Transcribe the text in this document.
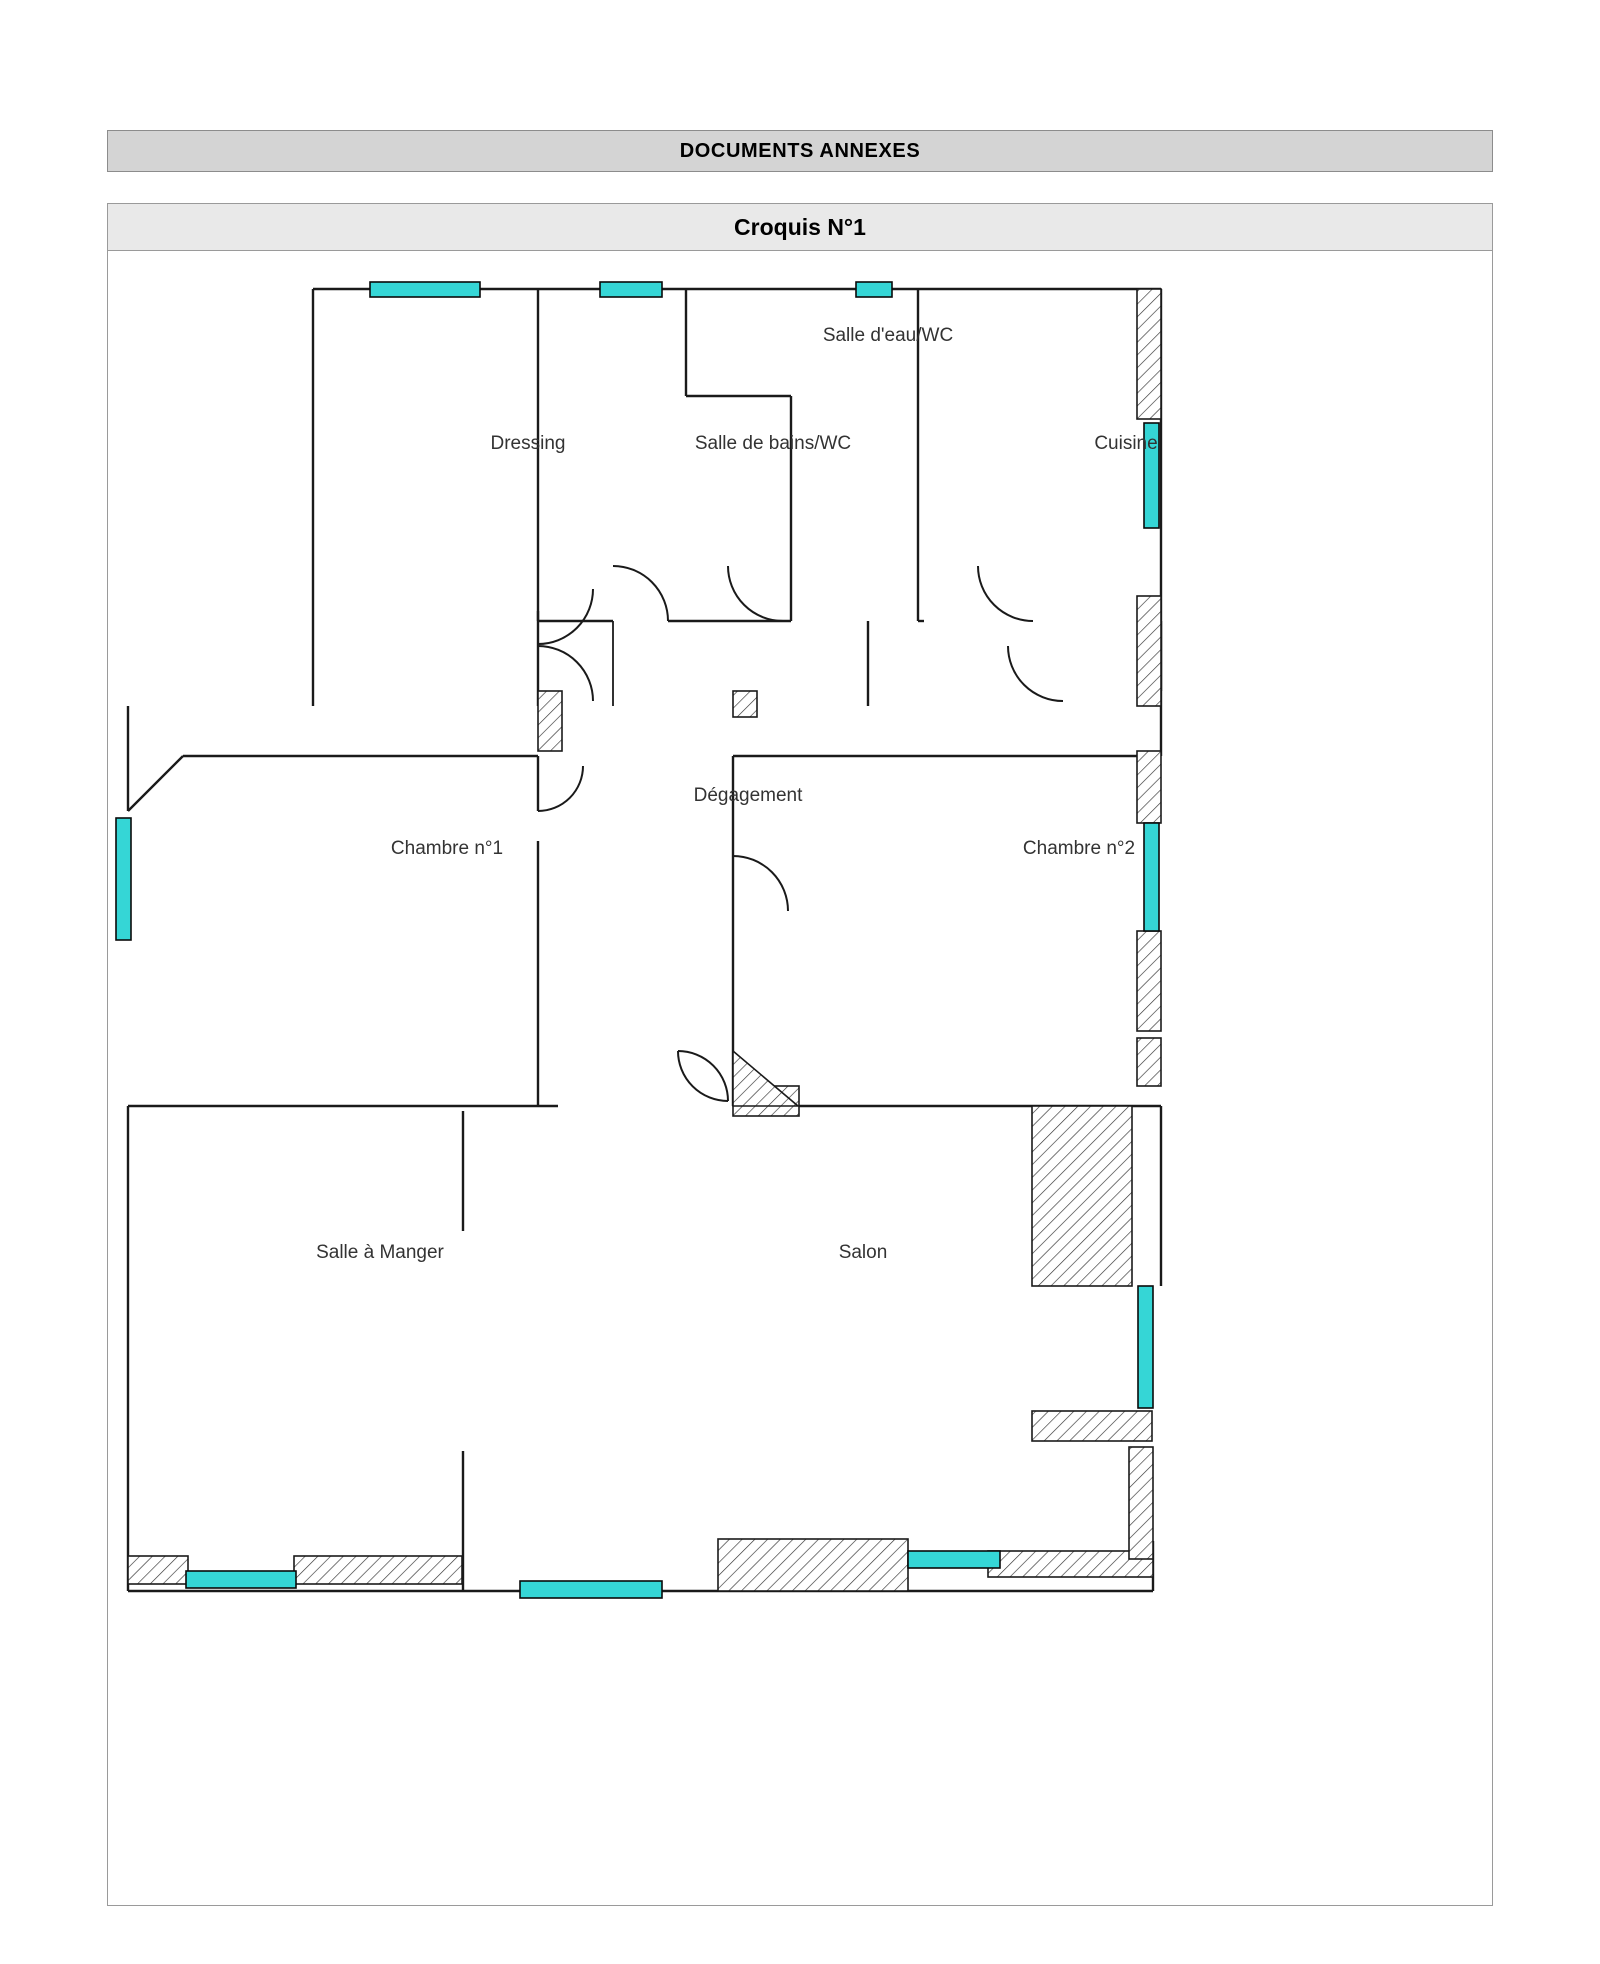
DOCUMENTS ANNEXES
Croquis N°1
Dressing	Salle de bains/WC
Salle d'eau/WC
Cuisine
Dégagement
Chambre n°1	Chambre n°2
Salle à Manger	Salon
